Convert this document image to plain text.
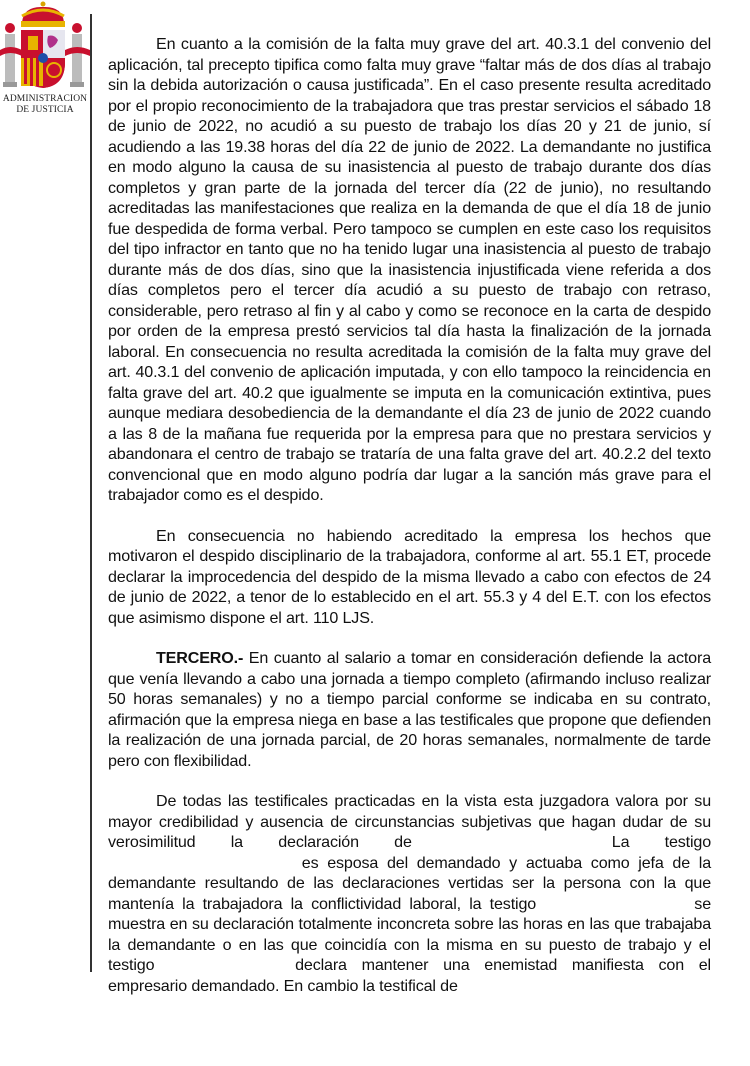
ADMINISTRACION
DE JUSTICIA

En cuanto a la comisión de la falta muy grave del art. 40.3.1 del convenio del aplicación, tal precepto tipifica como falta muy grave “faltar más de dos días al trabajo sin la debida autorización o causa justificada”. En el caso presente resulta acreditado por el propio reconocimiento de la trabajadora que tras prestar servicios el sábado 18 de junio de 2022, no acudió a su puesto de trabajo los días 20 y 21 de junio, sí acudiendo a las 19.38 horas del día 22 de junio de 2022. La demandante no justifica en modo alguno la causa de su inasistencia al puesto de trabajo durante dos días completos y gran parte de la jornada del tercer día (22 de junio), no resultando acreditadas las manifestaciones que realiza en la demanda de que el día 18 de junio fue despedida de forma verbal. Pero tampoco se cumplen en este caso los requisitos del tipo infractor en tanto que no ha tenido lugar una inasistencia al puesto de trabajo durante más de dos días, sino que la inasistencia injustificada viene referida a dos días completos pero el tercer día acudió a su puesto de trabajo con retraso, considerable, pero retraso al fin y al cabo y como se reconoce en la carta de despido por orden de la empresa prestó servicios tal día hasta la finalización de la jornada laboral. En consecuencia no resulta acreditada la comisión de la falta muy grave del art. 40.3.1 del convenio de aplicación imputada, y con ello tampoco la reincidencia en falta grave del art. 40.2 que igualmente se imputa en la comunicación extintiva, pues aunque mediara desobediencia de la demandante el día 23 de junio de 2022 cuando a las 8 de la mañana fue requerida por la empresa para que no prestara servicios y abandonara el centro de trabajo se trataría de una falta grave del art. 40.2.2 del texto convencional que en modo alguno podría dar lugar a la sanción más grave para el trabajador como es el despido.

En consecuencia no habiendo acreditado la empresa los hechos que motivaron el despido disciplinario de la trabajadora, conforme al art. 55.1 ET, procede declarar la improcedencia del despido de la misma llevado a cabo con efectos de 24 de junio de 2022, a tenor de lo establecido en el art. 55.3 y 4 del E.T. con los efectos que asimismo dispone el art. 110 LJS.

TERCERO.- En cuanto al salario a tomar en consideración defiende la actora que venía llevando a cabo una jornada a tiempo completo (afirmando incluso realizar 50 horas semanales) y no a tiempo parcial conforme se indicaba en su contrato, afirmación que la empresa niega en base a las testificales que propone que defienden la realización de una jornada parcial, de 20 horas semanales, normalmente de tarde pero con flexibilidad.

De todas las testificales practicadas en la vista esta juzgadora valora por su mayor credibilidad y ausencia de circunstancias subjetivas que hagan dudar de su verosimilitud la declaración de	La testigo es esposa del demandado y actuaba como jefa de la demandante resultando de las declaraciones vertidas ser la persona con la que mantenía la trabajadora la conflictividad laboral, la testigo	se muestra en su declaración totalmente inconcreta sobre las horas en las que trabajaba la demandante o en las que coincidía con la misma en su puesto de trabajo y el testigo	declara mantener una enemistad manifiesta con el empresario demandado. En cambio la testifical de
